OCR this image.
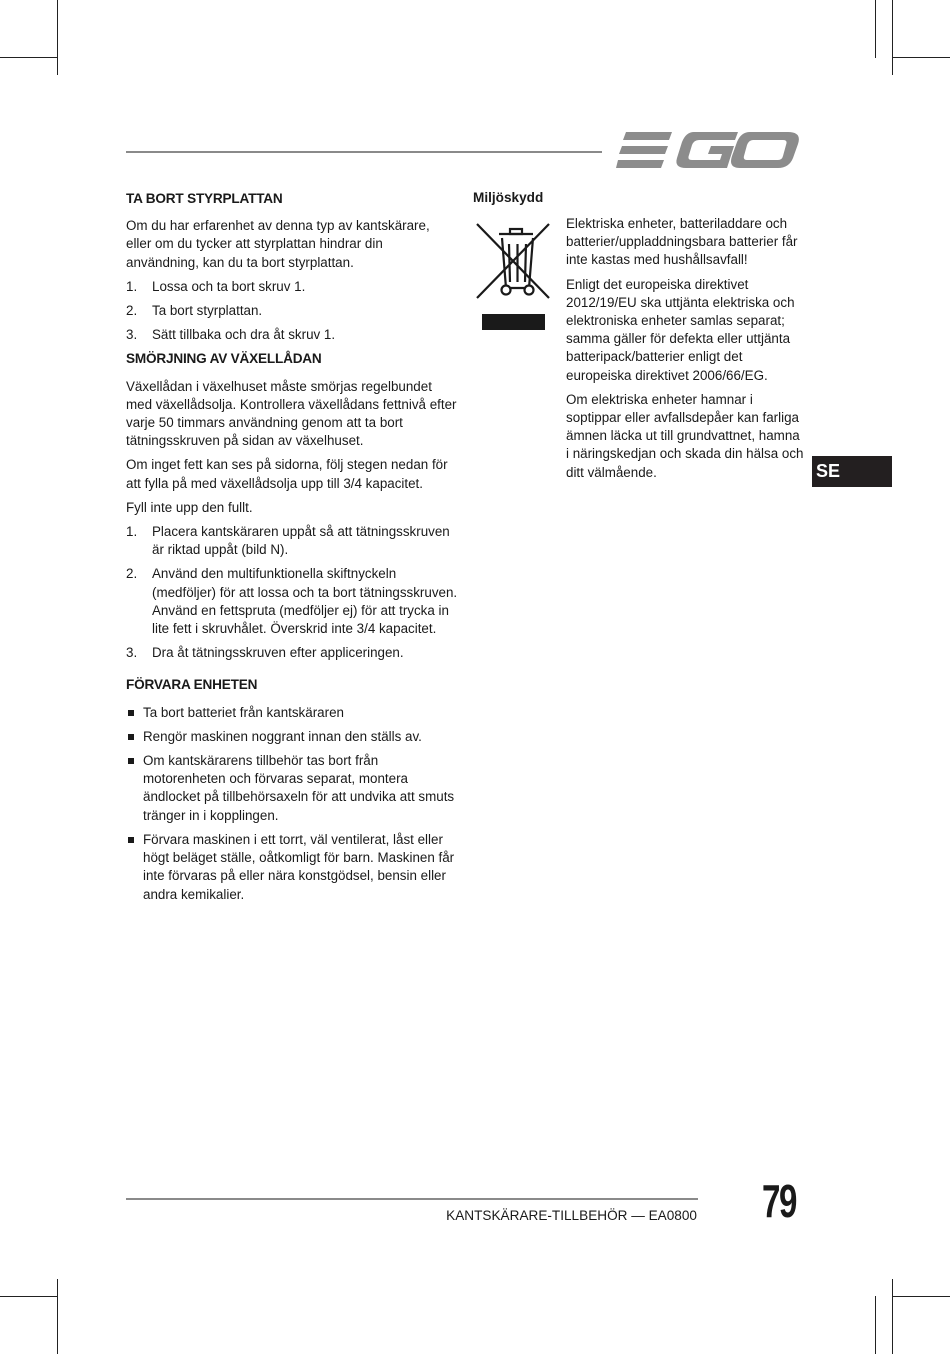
TA BORT STYRPLATTAN

Om du har erfarenhet av denna typ av kantskärare, eller om du tycker att styrplattan hindrar din användning, kan du ta bort styrplattan.

1. Lossa och ta bort skruv 1.
2. Ta bort styrplattan.
3. Sätt tillbaka och dra åt skruv 1.
SMÖRJNING AV VÄXELLÅDAN

Växellådan i växelhuset måste smörjas regelbundet med växellådsolja. Kontrollera växellådans fettnivå efter varje 50 timmars användning genom att ta bort tätningsskruven på sidan av växelhuset.

Om inget fett kan ses på sidorna, följ stegen nedan för att fylla på med växellådsolja upp till 3/4 kapacitet.

Fyll inte upp den fullt.

1. Placera kantskäraren uppåt så att tätningsskruven är riktad uppåt (bild N).
2. Använd den multifunktionella skiftnyckeln (medföljer) för att lossa och ta bort tätningsskruven. Använd en fettspruta (medföljer ej) för att trycka in lite fett i skruvhålet. Överskrid inte 3/4 kapacitet.
3. Dra åt tätningsskruven efter appliceringen.
FÖRVARA ENHETEN
Ta bort batteriet från kantskäraren
Rengör maskinen noggrant innan den ställs av.
Om kantskärarens tillbehör tas bort från motorenheten och förvaras separat, montera ändlocket på tillbehörsaxeln för att undvika att smuts tränger in i kopplingen.
Förvara maskinen i ett torrt, väl ventilerat, låst eller högt beläget ställe, oåtkomligt för barn. Maskinen får inte förvaras på eller nära konstgödsel, bensin eller andra kemikalier.
Miljöskydd

Elektriska enheter, batteriladdare och batterier/uppladdningsbara batterier får inte kastas med hushållsavfall!

Enligt det europeiska direktivet 2012/19/EU ska uttjänta elektriska och elektroniska enheter samlas separat; samma gäller för defekta eller uttjänta batteripack/batterier enligt det europeiska direktivet 2006/66/EG.

Om elektriska enheter hamnar i soptippar eller avfallsdepåer kan farliga ämnen läcka ut till grundvattnet, hamna i näringskedjan och skada din hälsa och ditt välmående.	SE
KANTSKÄRARE-TILLBEHÖR — EA0800 79
